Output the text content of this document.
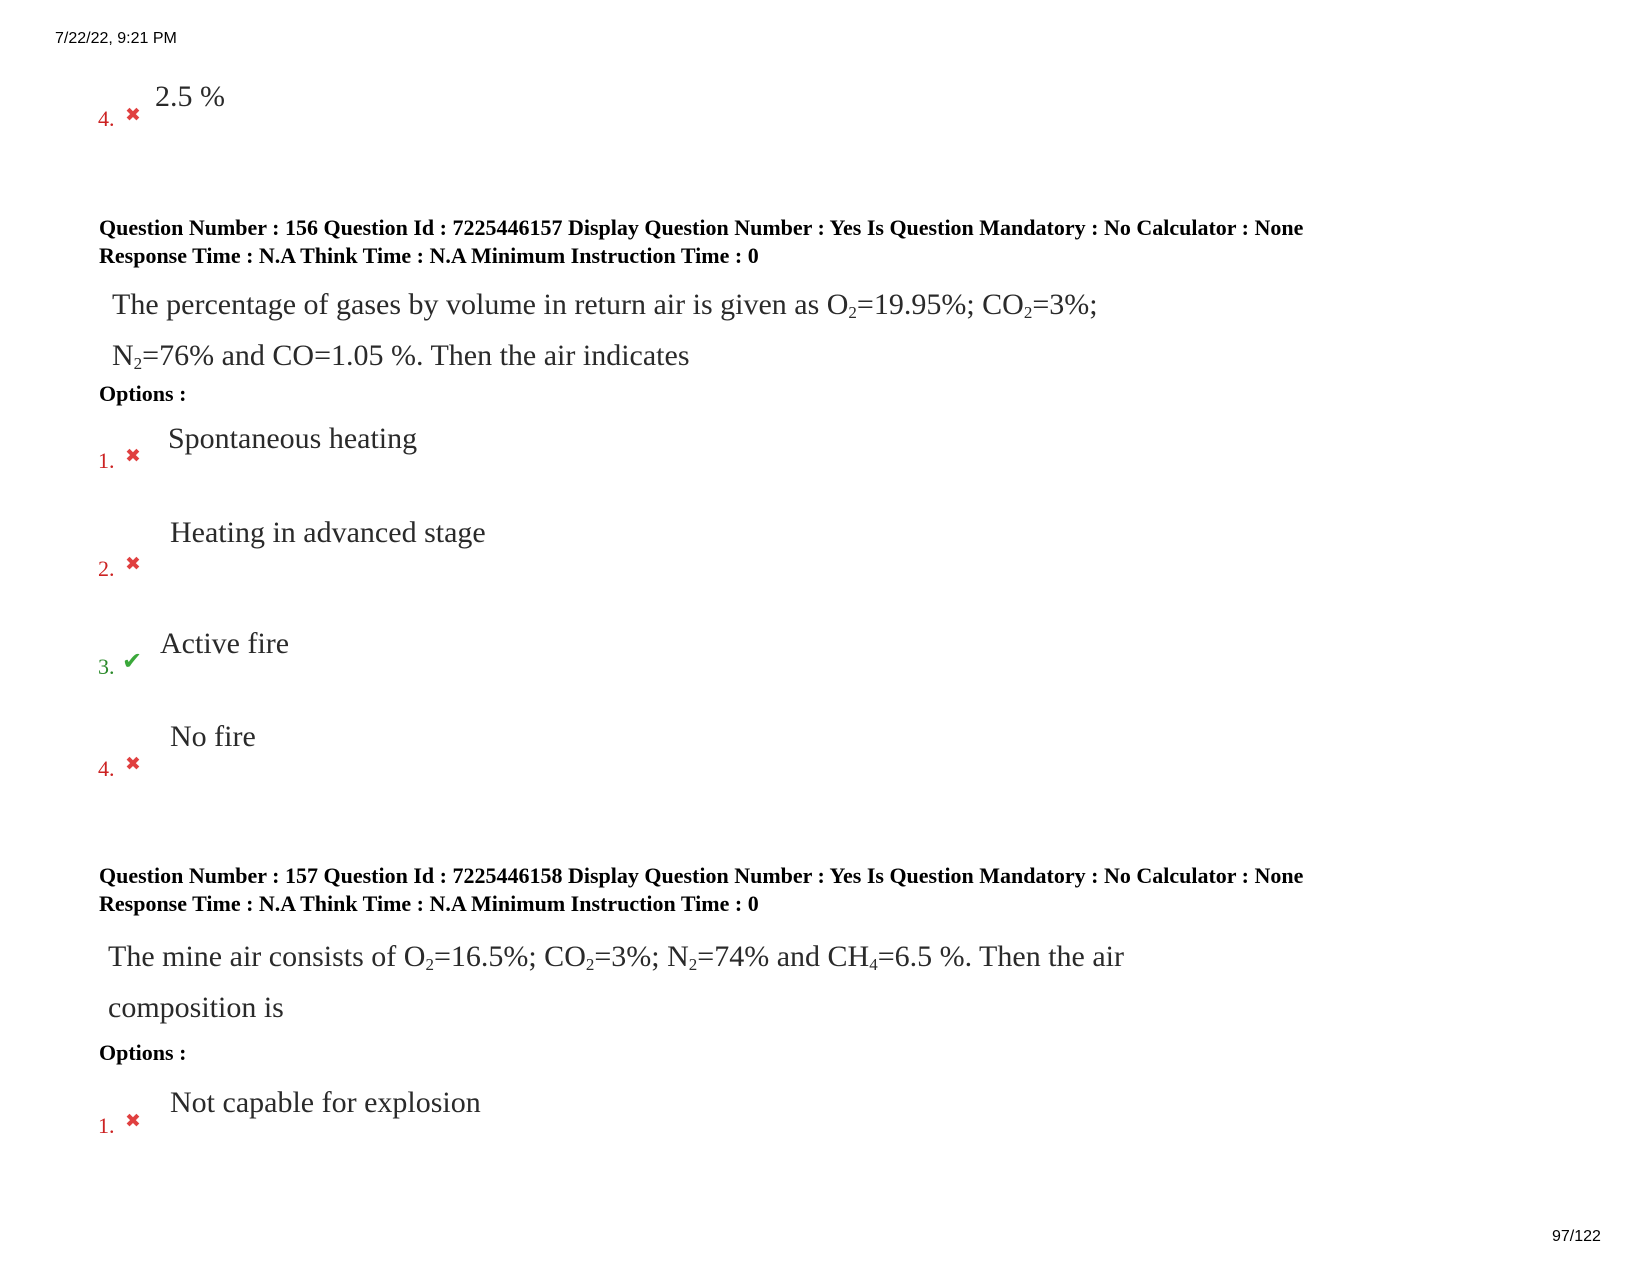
7/22/22, 9:21 PM
4. ✖
2.5 %
Question Number : 156 Question Id : 7225446157 Display Question Number : Yes Is Question Mandatory : No Calculator : None
Response Time : N.A Think Time : N.A Minimum Instruction Time : 0
The percentage of gases by volume in return air is given as $O_2=19.95\%$; $CO_2=3\%$;
$N_2=76\%$ and CO=1.05 %. Then the air indicates
Options :
1. ✖
Spontaneous heating
2. ✖
Heating in advanced stage
3. ✔
Active fire
4. ✖
No fire
Question Number : 157 Question Id : 7225446158 Display Question Number : Yes Is Question Mandatory : No Calculator : None
Response Time : N.A Think Time : N.A Minimum Instruction Time : 0
The mine air consists of $O_2=16.5\%$; $CO_2=3\%$; $N_2=74\%$ and $CH_4=6.5$ %. Then the air
composition is
Options :
1. ✖
Not capable for explosion
97/122
